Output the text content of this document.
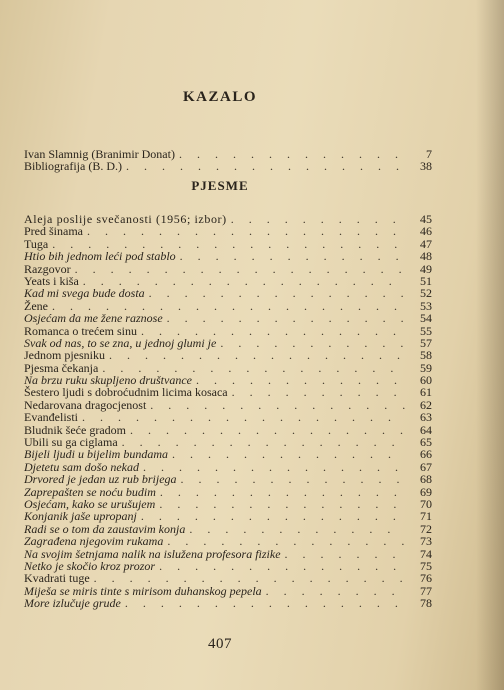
KAZALO
Ivan Slamnig (Branimir Donat) . . .	7
Bibliografija (B. D.) . . .	38
PJESME
Aleja poslije svečanosti (1956; izbor) . . .	45
Pred šinama . . .	46
Tuga . . .	47
Htio bih jednom leći pod stablo . . .	48
Razgovor . . .	49
Yeats i kiša . . .	51
Kad mi svega bude dosta . . .	52
Žene . . .	53
Osjećam da me žene raznose . . .	54
Romanca o trećem sinu . . .	55
Svak od nas, to se zna, u jednoj glumi je . . .	57
Jednom pjesniku . . .	58
Pjesma čekanja . . .	59
Na brzu ruku skupljeno društvance . . .	60
Šestero ljudi s dobroćudnim licima kosaca . . .	61
Nedarovana dragocjenost . . .	62
Evanđelisti . . .	63
Bludnik šeće gradom . . .	64
Ubili su ga ciglama . . .	65
Bijeli ljudi u bijelim bundama . . .	66
Djetetu sam došo nekad . . .	67
Drvored je jedan uz rub brijega . . .	68
Zaprepašten se noću budim . . .	69
Osjećam, kako se urušujem . . .	70
Konjanik jaše upropanj . . .	71
Radi se o tom da zaustavim konja . . .	72
Zagrađena njegovim rukama . . .	73
Na svojim šetnjama nalik na isluženа profesora fizike . . .	74
Netko je skočio kroz prozor . . .	75
Kvadrati tuge . . .	76
Miješa se miris tinte s mirisom duhanskog pepela . . .	77
More izlučuje grude . . .	78
407
